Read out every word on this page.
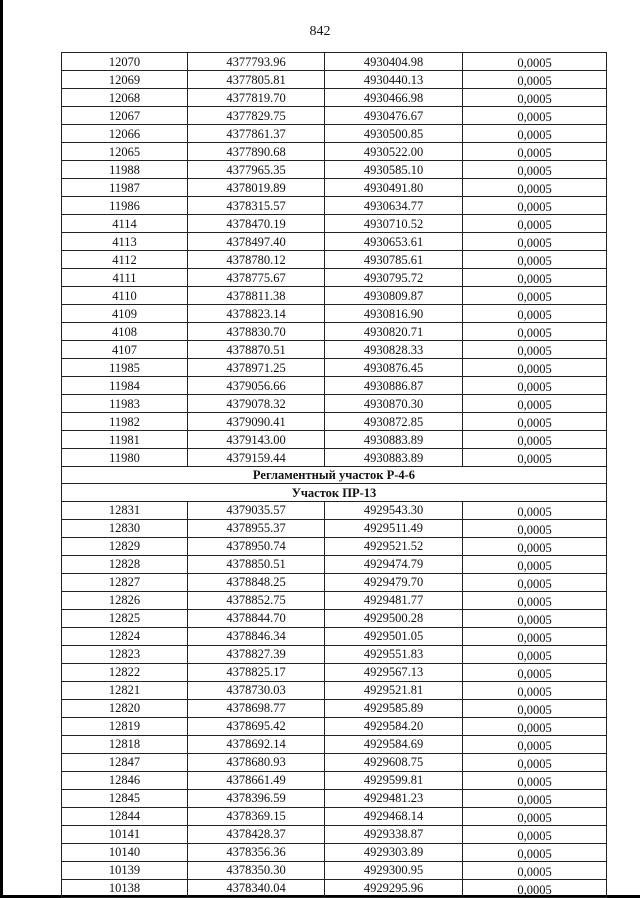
842
12070	4377793.96	4930404.98	0,0005
12069	4377805.81	4930440.13	0,0005
12068	4377819.70	4930466.98	0,0005
12067	4377829.75	4930476.67	0,0005
12066	4377861.37	4930500.85	0,0005
12065	4377890.68	4930522.00	0,0005
11988	4377965.35	4930585.10	0,0005
11987	4378019.89	4930491.80	0,0005
11986	4378315.57	4930634.77	0,0005
4114	4378470.19	4930710.52	0,0005
4113	4378497.40	4930653.61	0,0005
4112	4378780.12	4930785.61	0,0005
4111	4378775.67	4930795.72	0,0005
4110	4378811.38	4930809.87	0,0005
4109	4378823.14	4930816.90	0,0005
4108	4378830.70	4930820.71	0,0005
4107	4378870.51	4930828.33	0,0005
11985	4378971.25	4930876.45	0,0005
11984	4379056.66	4930886.87	0,0005
11983	4379078.32	4930870.30	0,0005
11982	4379090.41	4930872.85	0,0005
11981	4379143.00	4930883.89	0,0005
11980	4379159.44	4930883.89	0,0005
Регламентный участок Р-4-6			
Участок ПР-13			
12831	4379035.57	4929543.30	0,0005
12830	4378955.37	4929511.49	0,0005
12829	4378950.74	4929521.52	0,0005
12828	4378850.51	4929474.79	0,0005
12827	4378848.25	4929479.70	0,0005
12826	4378852.75	4929481.77	0,0005
12825	4378844.70	4929500.28	0,0005
12824	4378846.34	4929501.05	0,0005
12823	4378827.39	4929551.83	0,0005
12822	4378825.17	4929567.13	0,0005
12821	4378730.03	4929521.81	0,0005
12820	4378698.77	4929585.89	0,0005
12819	4378695.42	4929584.20	0,0005
12818	4378692.14	4929584.69	0,0005
12847	4378680.93	4929608.75	0,0005
12846	4378661.49	4929599.81	0,0005
12845	4378396.59	4929481.23	0,0005
12844	4378369.15	4929468.14	0,0005
10141	4378428.37	4929338.87	0,0005
10140	4378356.36	4929303.89	0,0005
10139	4378350.30	4929300.95	0,0005
10138	4378340.04	4929295.96	0,0005
